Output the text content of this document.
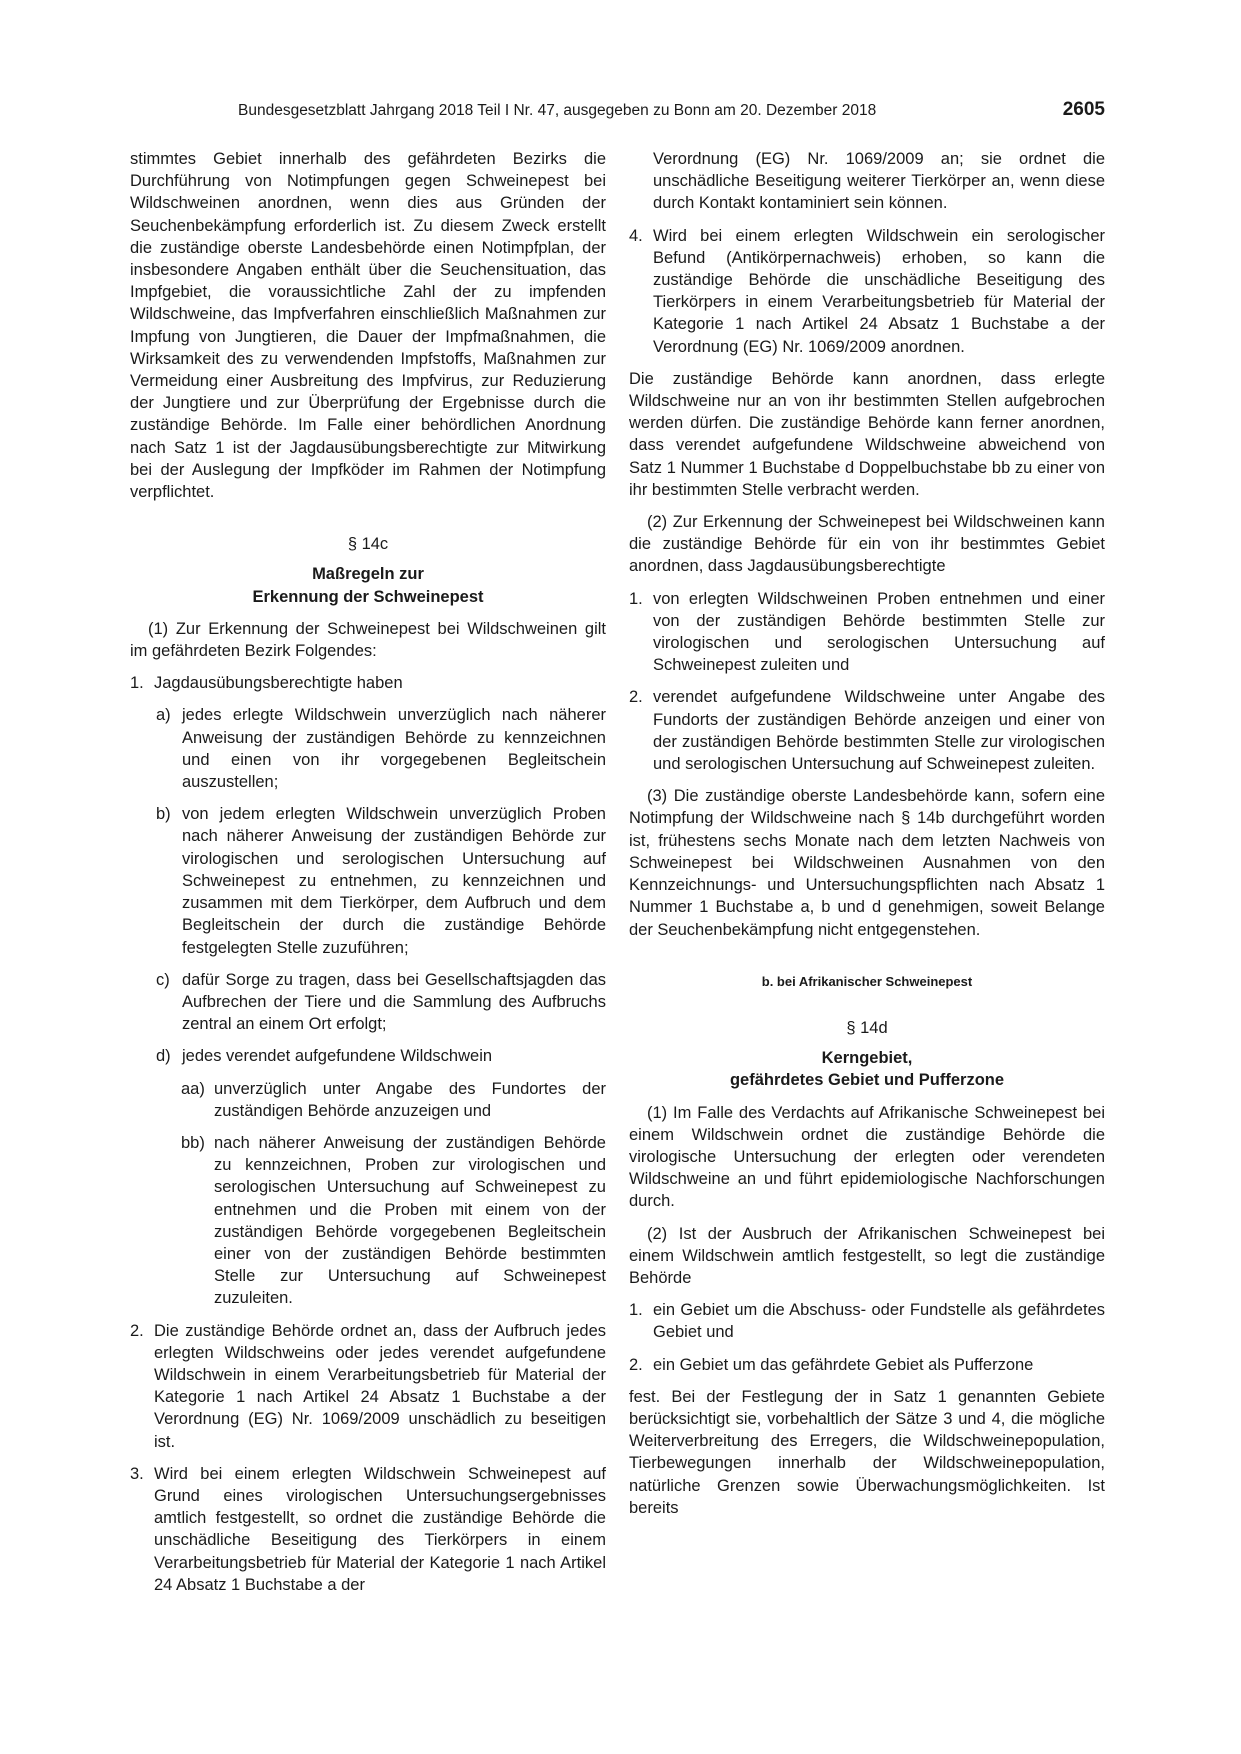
Bundesgesetzblatt Jahrgang 2018 Teil I Nr. 47, ausgegeben zu Bonn am 20. Dezember 2018	2605

stimmtes Gebiet innerhalb des gefährdeten Bezirks die Durchführung von Notimpfungen gegen Schweinepest bei Wildschweinen anordnen, wenn dies aus Gründen der Seuchenbekämpfung erforderlich ist. Zu diesem Zweck erstellt die zuständige oberste Landesbehörde einen Notimpfplan, der insbesondere Angaben enthält über die Seuchensituation, das Impfgebiet, die voraussichtliche Zahl der zu impfenden Wildschweine, das Impfverfahren einschließlich Maßnahmen zur Impfung von Jungtieren, die Dauer der Impfmaßnahmen, die Wirksamkeit des zu verwendenden Impfstoffs, Maßnahmen zur Vermeidung einer Ausbreitung des Impfvirus, zur Reduzierung der Jungtiere und zur Überprüfung der Ergebnisse durch die zuständige Behörde. Im Falle einer behördlichen Anordnung nach Satz 1 ist der Jagdausübungsberechtigte zur Mitwirkung bei der Auslegung der Impfköder im Rahmen der Notimpfung verpflichtet.

§ 14c
Maßregeln zur
Erkennung der Schweinepest

(1) Zur Erkennung der Schweinepest bei Wildschweinen gilt im gefährdeten Bezirk Folgendes:

1. Jagdausübungsberechtigte haben
a) jedes erlegte Wildschwein unverzüglich nach näherer Anweisung der zuständigen Behörde zu kennzeichnen und einen von ihr vorgegebenen Begleitschein auszustellen;
b) von jedem erlegten Wildschwein unverzüglich Proben nach näherer Anweisung der zuständigen Behörde zur virologischen und serologischen Untersuchung auf Schweinepest zu entnehmen, zu kennzeichnen und zusammen mit dem Tierkörper, dem Aufbruch und dem Begleitschein der durch die zuständige Behörde festgelegten Stelle zuzuführen;
c) dafür Sorge zu tragen, dass bei Gesellschaftsjagden das Aufbrechen der Tiere und die Sammlung des Aufbruchs zentral an einem Ort erfolgt;
d) jedes verendet aufgefundene Wildschwein
aa) unverzüglich unter Angabe des Fundortes der zuständigen Behörde anzuzeigen und
bb) nach näherer Anweisung der zuständigen Behörde zu kennzeichnen, Proben zur virologischen und serologischen Untersuchung auf Schweinepest zu entnehmen und die Proben mit einem von der zuständigen Behörde vorgegebenen Begleitschein einer von der zuständigen Behörde bestimmten Stelle zur Untersuchung auf Schweinepest zuzuleiten.
2. Die zuständige Behörde ordnet an, dass der Aufbruch jedes erlegten Wildschweins oder jedes verendet aufgefundene Wildschwein in einem Verarbeitungsbetrieb für Material der Kategorie 1 nach Artikel 24 Absatz 1 Buchstabe a der Verordnung (EG) Nr. 1069/2009 unschädlich zu beseitigen ist.
3. Wird bei einem erlegten Wildschwein Schweinepest auf Grund eines virologischen Untersuchungsergebnisses amtlich festgestellt, so ordnet die zuständige Behörde die unschädliche Beseitigung des Tierkörpers in einem Verarbeitungsbetrieb für Material der Kategorie 1 nach Artikel 24 Absatz 1 Buchstabe a der
Verordnung (EG) Nr. 1069/2009 an; sie ordnet die unschädliche Beseitigung weiterer Tierkörper an, wenn diese durch Kontakt kontaminiert sein können.
4. Wird bei einem erlegten Wildschwein ein serologischer Befund (Antikörpernachweis) erhoben, so kann die zuständige Behörde die unschädliche Beseitigung des Tierkörpers in einem Verarbeitungsbetrieb für Material der Kategorie 1 nach Artikel 24 Absatz 1 Buchstabe a der Verordnung (EG) Nr. 1069/2009 anordnen.

Die zuständige Behörde kann anordnen, dass erlegte Wildschweine nur an von ihr bestimmten Stellen aufgebrochen werden dürfen. Die zuständige Behörde kann ferner anordnen, dass verendet aufgefundene Wildschweine abweichend von Satz 1 Nummer 1 Buchstabe d Doppelbuchstabe bb zu einer von ihr bestimmten Stelle verbracht werden.

(2) Zur Erkennung der Schweinepest bei Wildschweinen kann die zuständige Behörde für ein von ihr bestimmtes Gebiet anordnen, dass Jagdausübungsberechtigte

1. von erlegten Wildschweinen Proben entnehmen und einer von der zuständigen Behörde bestimmten Stelle zur virologischen und serologischen Untersuchung auf Schweinepest zuleiten und
2. verendet aufgefundene Wildschweine unter Angabe des Fundorts der zuständigen Behörde anzeigen und einer von der zuständigen Behörde bestimmten Stelle zur virologischen und serologischen Untersuchung auf Schweinepest zuleiten.

(3) Die zuständige oberste Landesbehörde kann, sofern eine Notimpfung der Wildschweine nach § 14b durchgeführt worden ist, frühestens sechs Monate nach dem letzten Nachweis von Schweinepest bei Wildschweinen Ausnahmen von den Kennzeichnungs- und Untersuchungspflichten nach Absatz 1 Nummer 1 Buchstabe a, b und d genehmigen, soweit Belange der Seuchenbekämpfung nicht entgegenstehen.

b. bei Afrikanischer Schweinepest
§ 14d
Kerngebiet,
gefährdetes Gebiet und Pufferzone

(1) Im Falle des Verdachts auf Afrikanische Schweinepest bei einem Wildschwein ordnet die zuständige Behörde die virologische Untersuchung der erlegten oder verendeten Wildschweine an und führt epidemiologische Nachforschungen durch.

(2) Ist der Ausbruch der Afrikanischen Schweinepest bei einem Wildschwein amtlich festgestellt, so legt die zuständige Behörde

1. ein Gebiet um die Abschuss- oder Fundstelle als gefährdetes Gebiet und
2. ein Gebiet um das gefährdete Gebiet als Pufferzone

fest. Bei der Festlegung der in Satz 1 genannten Gebiete berücksichtigt sie, vorbehaltlich der Sätze 3 und 4, die mögliche Weiterverbreitung des Erregers, die Wildschweinepopulation, Tierbewegungen innerhalb der Wildschweinepopulation, natürliche Grenzen sowie Überwachungsmöglichkeiten. Ist bereits
